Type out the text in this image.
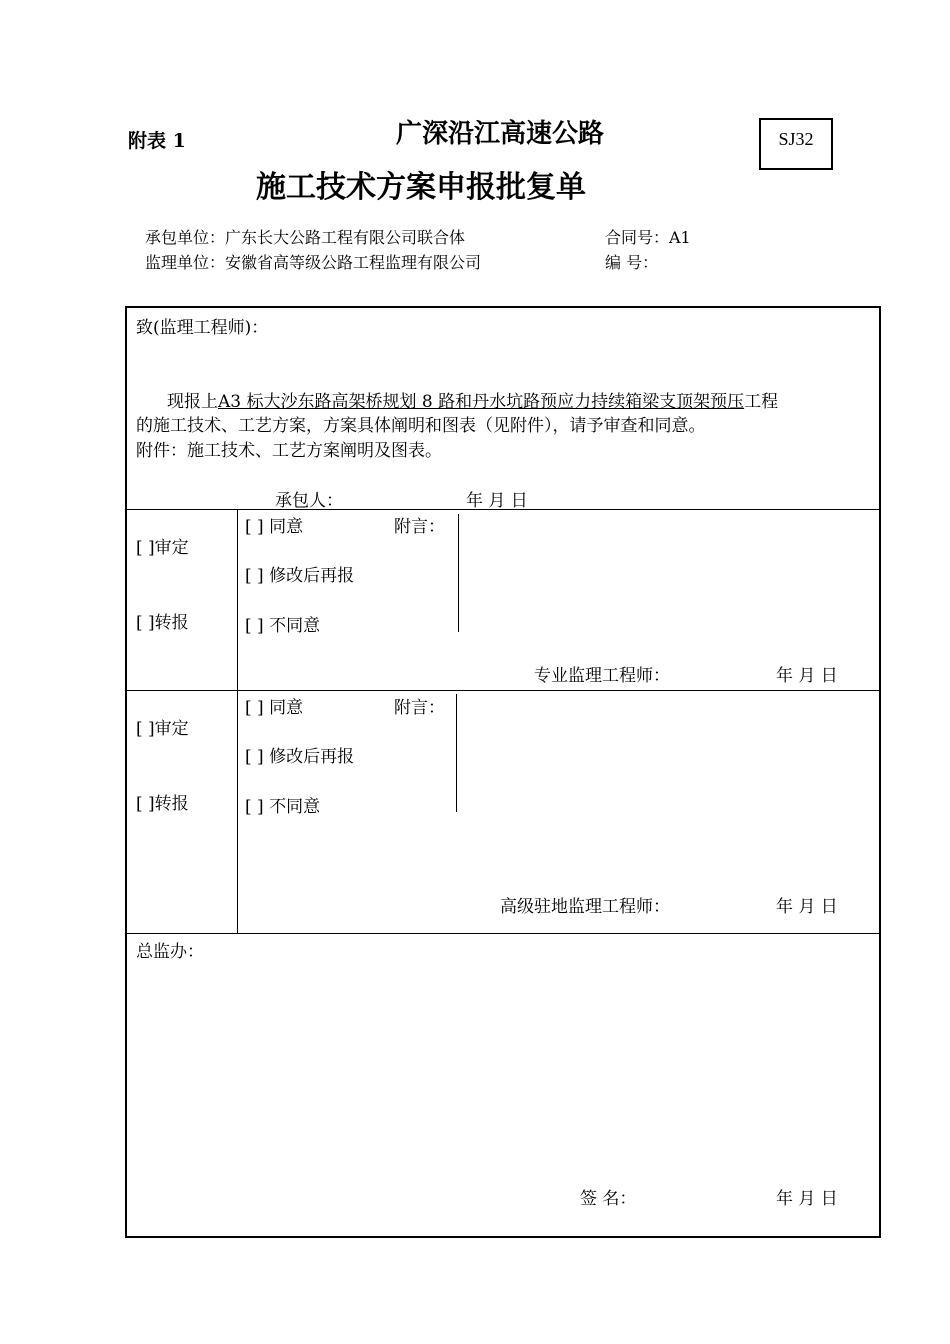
附表 1	广深沿江高速公路
施工技术方案申报批复单
SJ32
承包单位：广东长大公路工程有限公司联合体	合同号：A1
监理单位：安徽省高等级公路工程监理有限公司	编 号：
致(监理工程师)：
现报上A3 标大沙东路高架桥规划 8 路和丹水坑路预应力持续箱梁支顶架预压工程
的施工技术、工艺方案，方案具体阐明和图表（见附件），请予审查和同意。
附件：施工技术、工艺方案阐明及图表。
承包人：	年 月 日
[ ]审定
[ ]转报
[ ] 同意	附言：
[ ] 修改后再报
[ ] 不同意
专业监理工程师：	年 月 日
[ ]审定
[ ]转报
[ ] 同意	附言：
[ ] 修改后再报
[ ] 不同意
高级驻地监理工程师：	年 月 日
总监办：
签 名：	年 月 日
